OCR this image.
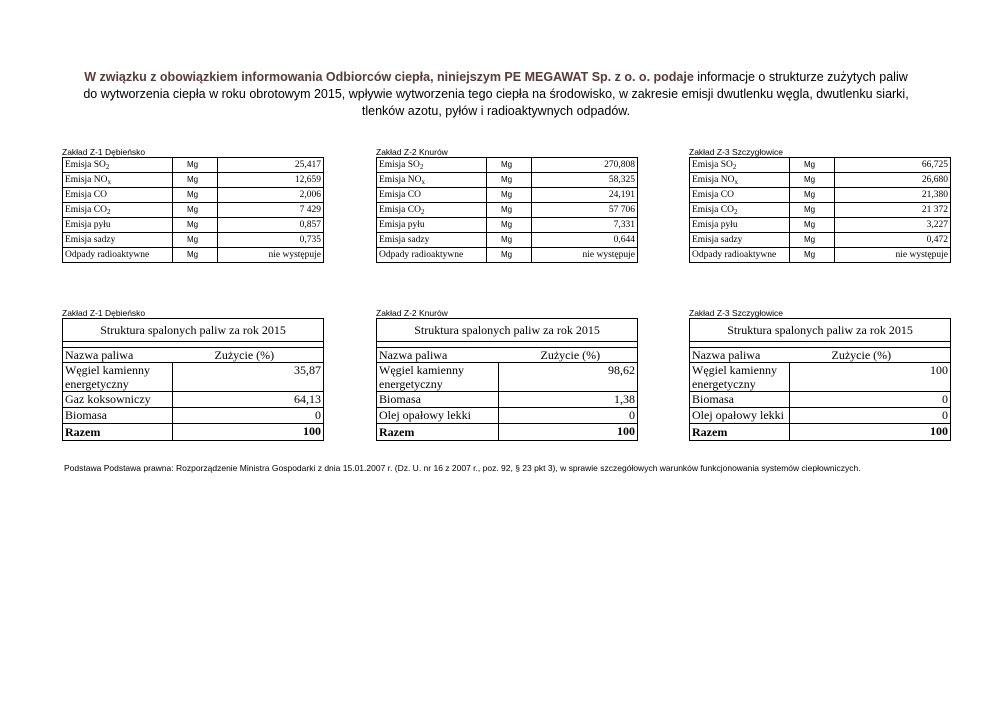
W związku z obowiązkiem informowania Odbiorców ciepła, niniejszym PE MEGAWAT Sp. z o. o. podaje informacje o strukturze zużytych paliw
do wytworzenia ciepła w roku obrotowym 2015, wpływie wytworzenia tego ciepła na środowisko, w zakresie emisji dwutlenku węgla, dwutlenku siarki,
tlenków azotu, pyłów i radioaktywnych odpadów.
Zakład Z-1 Dębieńsko
Emisja $SO_2$	Mg	25,417
Emisja $NO_x$	Mg	12,659
Emisja CO	Mg	2,006
Emisja $CO_2$	Mg	7 429
Emisja pyłu	Mg	0,857
Emisja sadzy	Mg	0,735
Odpady radioaktywne	Mg	nie występuje
Zakład Z-2 Knurów
Emisja $SO_2$	Mg	270,808
Emisja $NO_x$	Mg	58,325
Emisja CO	Mg	24,191
Emisja $CO_2$	Mg	57 706
Emisja pyłu	Mg	7,331
Emisja sadzy	Mg	0,644
Odpady radioaktywne	Mg	nie występuje
Zakład Z-3 Szczygłowice
Emisja $SO_2$	Mg	66,725
Emisja $NO_x$	Mg	26,680
Emisja CO	Mg	21,380
Emisja $CO_2$	Mg	21 372
Emisja pyłu	Mg	3,227
Emisja sadzy	Mg	0,472
Odpady radioaktywne	Mg	nie występuje
Zakład Z-1 Dębieńsko
Struktura spalonych paliw za rok 2015	

Nazwa paliwa	Zużycie (%)
Węgiel kamienny energetyczny	35,87
Gaz koksowniczy	64,13
Biomasa	0
Razem	100
Zakład Z-2 Knurów
Struktura spalonych paliw za rok 2015	

Nazwa paliwa	Zużycie (%)
Węgiel kamienny energetyczny	98,62
Biomasa	1,38
Olej opałowy lekki	0
Razem	100
Zakład Z-3 Szczygłowice
Struktura spalonych paliw za rok 2015	

Nazwa paliwa	Zużycie (%)
Węgiel kamienny energetyczny	100
Biomasa	0
Olej opałowy lekki	0
Razem	100
Podstawa Podstawa prawna: Rozporządzenie Ministra Gospodarki z dnia 15.01.2007 r. (Dz. U. nr 16 z 2007 r., poz. 92, § 23 pkt 3), w sprawie szczegółowych warunków funkcjonowania systemów ciepłowniczych.
